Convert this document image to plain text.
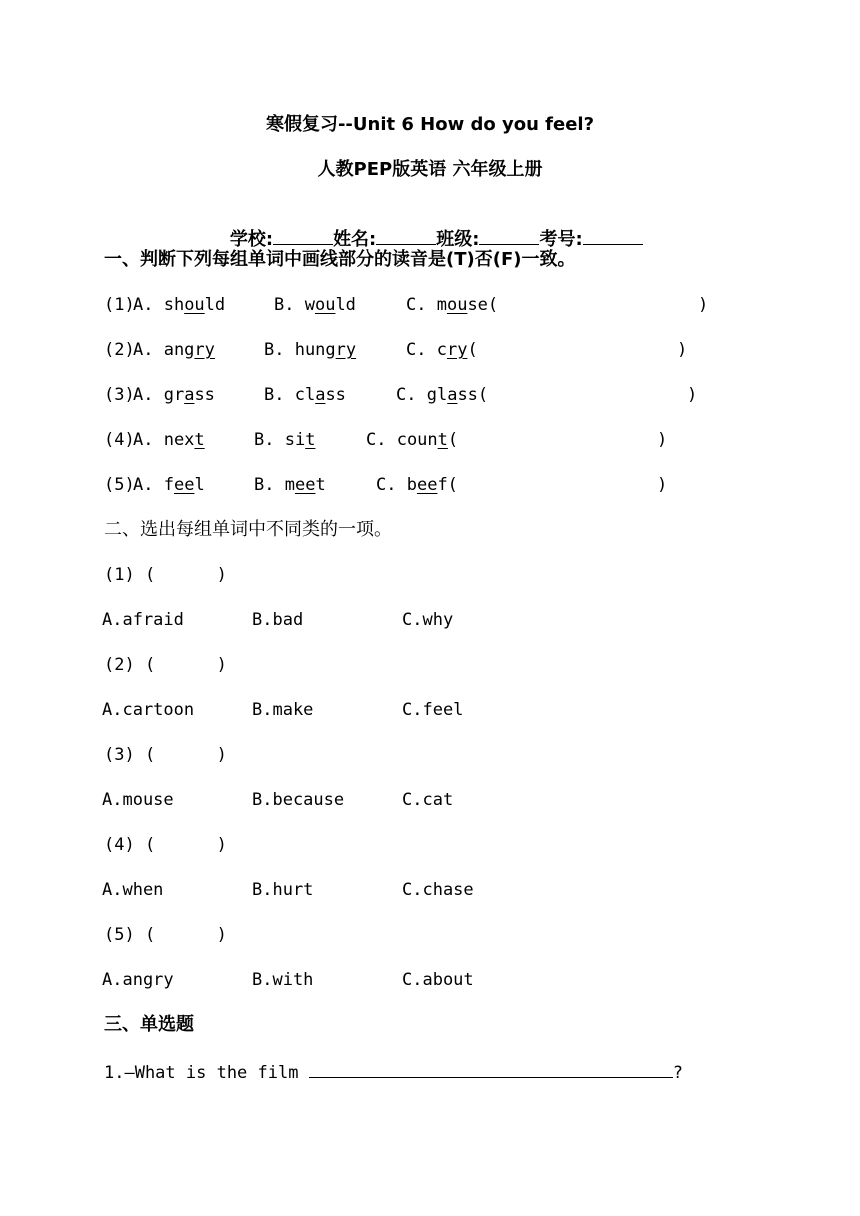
寒假复习--Unit 6 How do you feel?
人教PEP版英语 六年级上册

学校:	姓名:	班级:	考号:

一、判断下列每组单词中画线部分的读音是(T)否(F)一致。
(1)
A. should	B. would	C. mouse(	)
(2)
A. angry	B. hungry	C. cry(	)
(3)
A. grass	B. class	C. glass(	)
(4)
A. next	B. sit	C. count(	)
(5)
A. feel	B. meet	C. beef(	)
二、选出每组单词中不同类的一项。
(1) (      )
A.afraid	B.bad	C.why
(2) (      )
A.cartoon	B.make	C.feel
(3) (      )
A.mouse	B.because	C.cat
(4) (      )
A.when	B.hurt	C.chase
(5) (      )
A.angry	B.with	C.about
三、单选题
1.—What is the film	?
